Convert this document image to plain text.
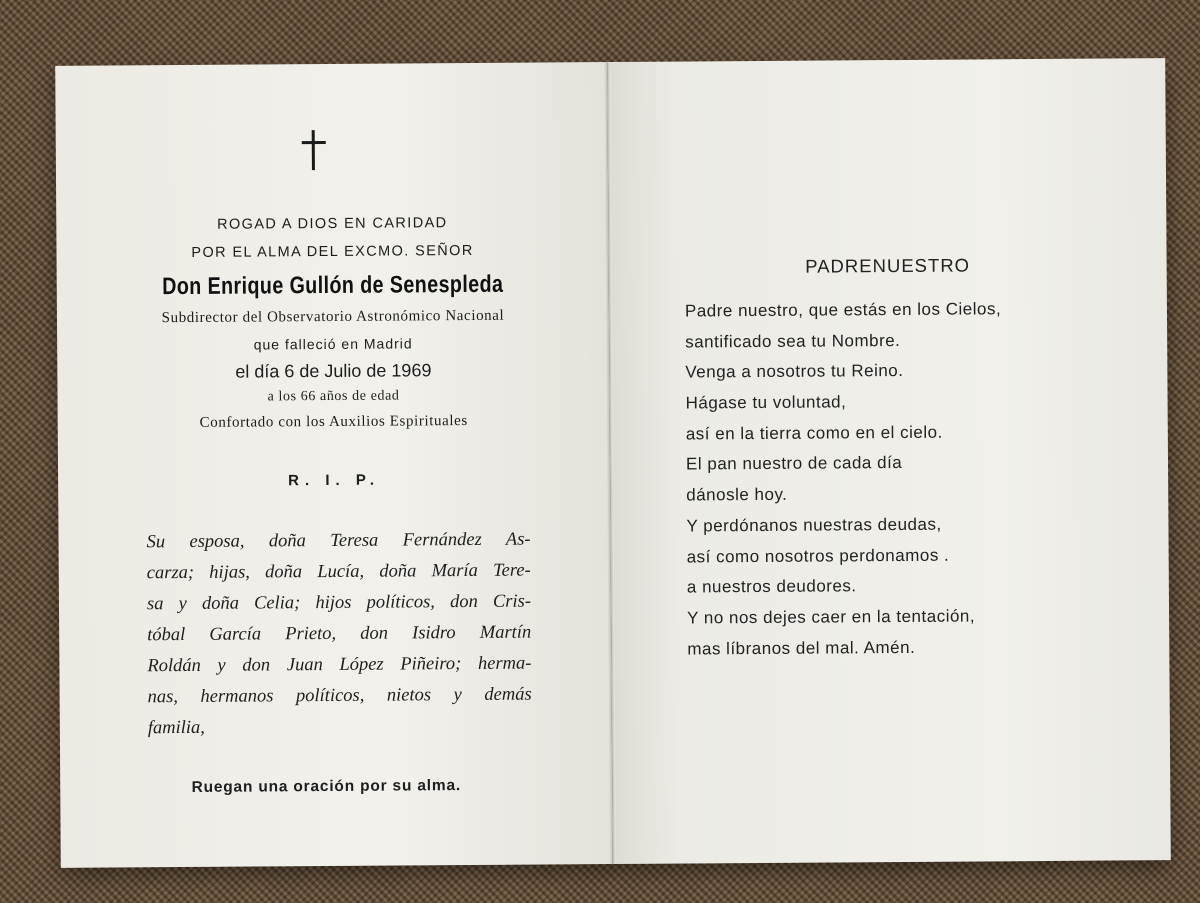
ROGAD A DIOS EN CARIDAD
POR EL ALMA DEL EXCMO. SEÑOR
Don Enrique Gullón de Senespleda
Subdirector del Observatorio Astronómico Nacional
que falleció en Madrid
el día 6 de Julio de 1969
a los 66 años de edad
Confortado con los Auxilios Espirituales
R. I. P.
Su esposa, doña Teresa Fernández As-
carza; hijas, doña Lucía, doña María Tere-
sa y doña Celia; hijos políticos, don Cris-
tóbal García Prieto, don Isidro Martín
Roldán y don Juan López Piñeiro; herma-
nas, hermanos políticos, nietos y demás
familia,
Ruegan una oración por su alma.
PADRENUESTRO
Padre nuestro, que estás en los Cielos,
santificado sea tu Nombre.
Venga a nosotros tu Reino.
Hágase tu voluntad,
así en la tierra como en el cielo.
El pan nuestro de cada día
dánosle hoy.
Y perdónanos nuestras deudas,
así como nosotros perdonamos .
a nuestros deudores.
Y no nos dejes caer en la tentación,
mas líbranos del mal. Amén.
